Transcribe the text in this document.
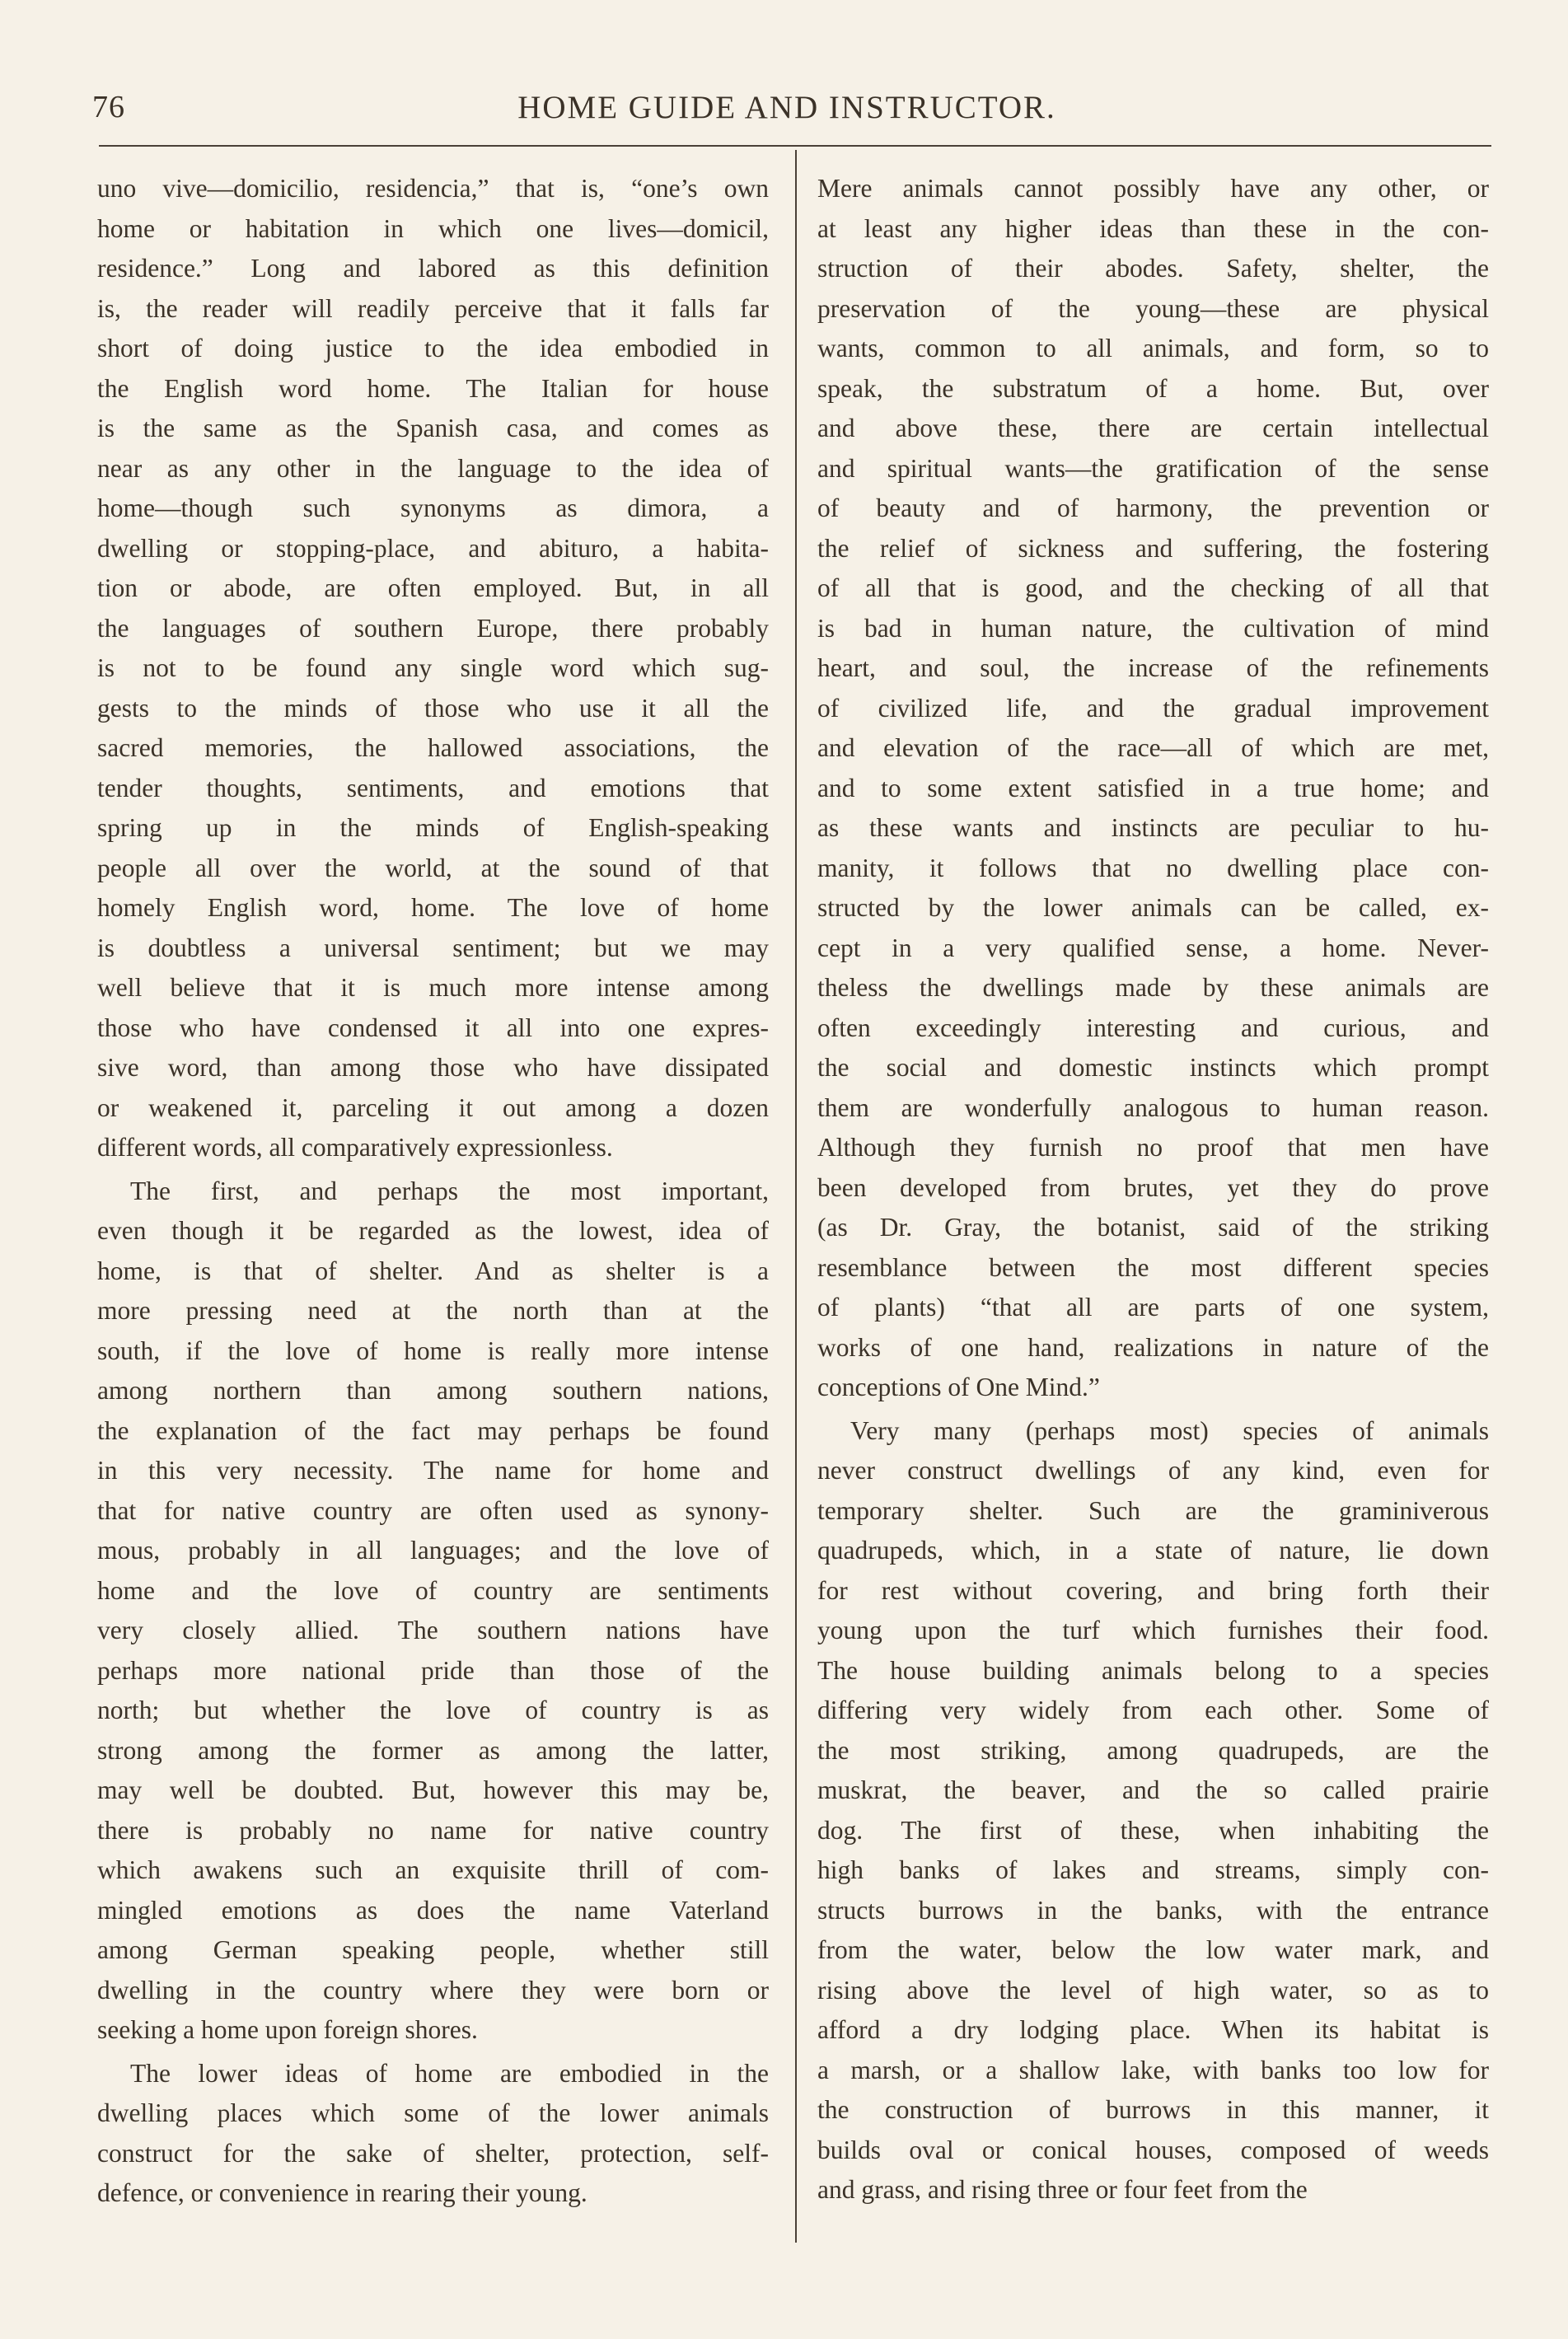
76	HOME GUIDE AND INSTRUCTOR.

uno vive—domicilio, residencia,” that is, “one’s own
home or habitation in which one lives—domicil,
residence.” Long and labored as this definition
is, the reader will readily perceive that it falls far
short of doing justice to the idea embodied in
the English word home. The Italian for house
is the same as the Spanish casa, and comes as
near as any other in the language to the idea of
home—though such synonyms as dimora, a
dwelling or stopping-place, and abituro, a habita-
tion or abode, are often employed. But, in all
the languages of southern Europe, there probably
is not to be found any single word which sug-
gests to the minds of those who use it all the
sacred memories, the hallowed associations, the
tender thoughts, sentiments, and emotions that
spring up in the minds of English-speaking
people all over the world, at the sound of that
homely English word, home. The love of home
is doubtless a universal sentiment; but we may
well believe that it is much more intense among
those who have condensed it all into one expres-
sive word, than among those who have dissipated
or weakened it, parceling it out among a dozen
different words, all comparatively expressionless.

The first, and perhaps the most important,
even though it be regarded as the lowest, idea of
home, is that of shelter. And as shelter is a
more pressing need at the north than at the
south, if the love of home is really more intense
among northern than among southern nations,
the explanation of the fact may perhaps be found
in this very necessity. The name for home and
that for native country are often used as synony-
mous, probably in all languages; and the love of
home and the love of country are sentiments
very closely allied. The southern nations have
perhaps more national pride than those of the
north; but whether the love of country is as
strong among the former as among the latter,
may well be doubted. But, however this may be,
there is probably no name for native country
which awakens such an exquisite thrill of com-
mingled emotions as does the name Vaterland
among German speaking people, whether still
dwelling in the country where they were born or
seeking a home upon foreign shores.

The lower ideas of home are embodied in the
dwelling places which some of the lower animals
construct for the sake of shelter, protection, self-
defence, or convenience in rearing their young.

Mere animals cannot possibly have any other, or
at least any higher ideas than these in the con-
struction of their abodes. Safety, shelter, the
preservation of the young—these are physical
wants, common to all animals, and form, so to
speak, the substratum of a home. But, over
and above these, there are certain intellectual
and spiritual wants—the gratification of the sense
of beauty and of harmony, the prevention or
the relief of sickness and suffering, the fostering
of all that is good, and the checking of all that
is bad in human nature, the cultivation of mind
heart, and soul, the increase of the refinements
of civilized life, and the gradual improvement
and elevation of the race—all of which are met,
and to some extent satisfied in a true home; and
as these wants and instincts are peculiar to hu-
manity, it follows that no dwelling place con-
structed by the lower animals can be called, ex-
cept in a very qualified sense, a home. Never-
theless the dwellings made by these animals are
often exceedingly interesting and curious, and
the social and domestic instincts which prompt
them are wonderfully analogous to human reason.
Although they furnish no proof that men have
been developed from brutes, yet they do prove
(as Dr. Gray, the botanist, said of the striking
resemblance between the most different species
of plants) “that all are parts of one system,
works of one hand, realizations in nature of the
conceptions of One Mind.”

Very many (perhaps most) species of animals
never construct dwellings of any kind, even for
temporary shelter. Such are the graminiverous
quadrupeds, which, in a state of nature, lie down
for rest without covering, and bring forth their
young upon the turf which furnishes their food.
The house building animals belong to a species
differing very widely from each other. Some of
the most striking, among quadrupeds, are the
muskrat, the beaver, and the so called prairie
dog. The first of these, when inhabiting the
high banks of lakes and streams, simply con-
structs burrows in the banks, with the entrance
from the water, below the low water mark, and
rising above the level of high water, so as to
afford a dry lodging place. When its habitat is
a marsh, or a shallow lake, with banks too low for
the construction of burrows in this manner, it
builds oval or conical houses, composed of weeds
and grass, and rising three or four feet from the
